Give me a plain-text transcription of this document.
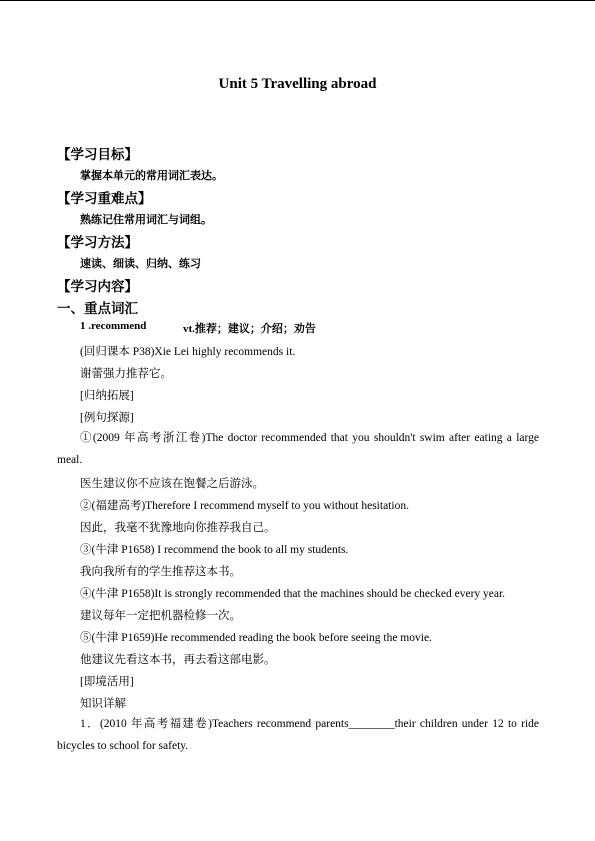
Unit 5 Travelling abroad
【学习目标】
掌握本单元的常用词汇表达。
【学习重难点】
熟练记住常用词汇与词组。
【学习方法】
速读、细读、归纳、练习
【学习内容】
一、重点词汇
1 .recommend	vt.推荐；建议；介绍；劝告
(回归课本 P38)Xie Lei highly recommends it.
谢蕾强力推荐它。
[归纳拓展]
[例句探源]
①(2009 年高考浙江卷)The doctor recommended that you shouldn't swim after eating a large meal.
医生建议你不应该在饱餐之后游泳。
②(福建高考)Therefore I recommend myself to you without hesitation.
因此，我毫不犹豫地向你推荐我自己。
③(牛津 P1658) I recommend the book to all my students.
我向我所有的学生推荐这本书。
④(牛津 P1658)It is strongly recommended that the machines should be checked every year.
建议每年一定把机器检修一次。
⑤(牛津 P1659)He recommended reading the book before seeing the movie.
他建议先看这本书，再去看这部电影。
[即境活用]
知识详解
1．(2010 年高考福建卷)Teachers recommend parents________their children under 12 to ride bicycles to school for safety.
